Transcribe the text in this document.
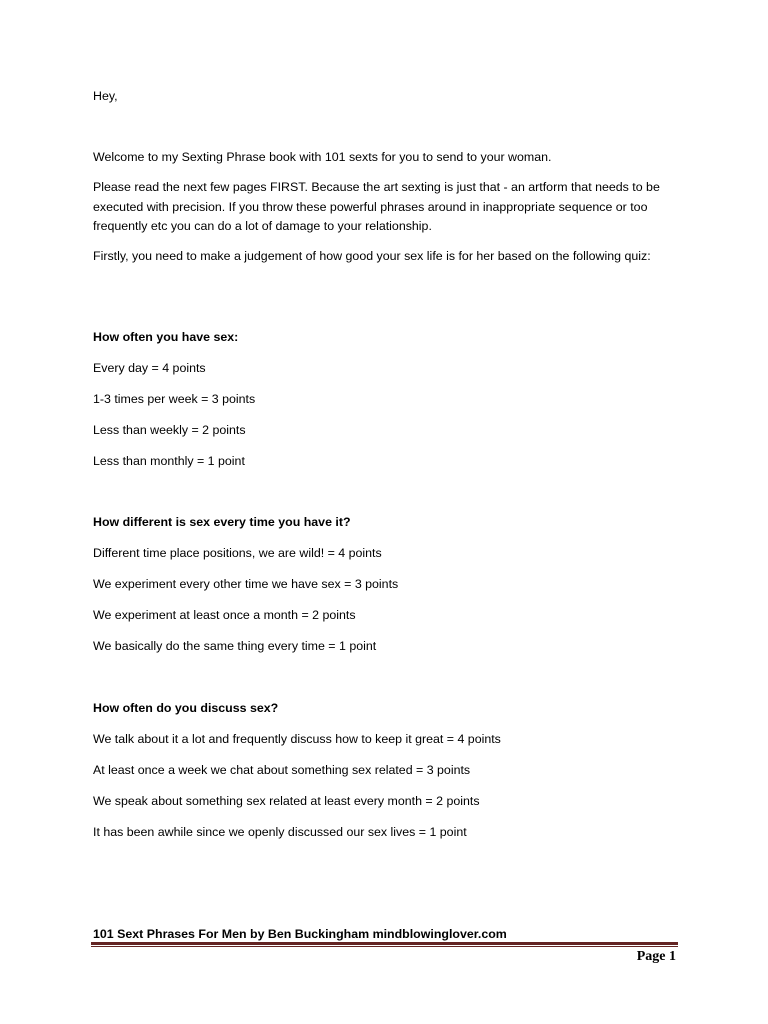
Hey,

Welcome to my Sexting Phrase book with 101 sexts for you to send to your woman.

Please read the next few pages FIRST. Because the art sexting is just that - an artform that needs to be executed with precision. If you throw these powerful phrases around in inappropriate sequence or too frequently etc you can do a lot of damage to your relationship.

Firstly, you need to make a judgement of how good your sex life is for her based on the following quiz:

How often you have sex:

Every day = 4 points

1-3 times per week = 3 points

Less than weekly = 2 points

Less than monthly = 1 point

How different is sex every time you have it?

Different time place positions, we are wild! = 4 points

We experiment every other time we have sex = 3 points

We experiment at least once a month = 2 points

We basically do the same thing every time = 1 point

How often do you discuss sex?

We talk about it a lot and frequently discuss how to keep it great = 4 points

At least once a week we chat about something sex related = 3 points

We speak about something sex related at least every month = 2 points

It has been awhile since we openly discussed our sex lives = 1 point

101 Sext Phrases For Men by Ben Buckingham mindblowinglover.com
Page 1
